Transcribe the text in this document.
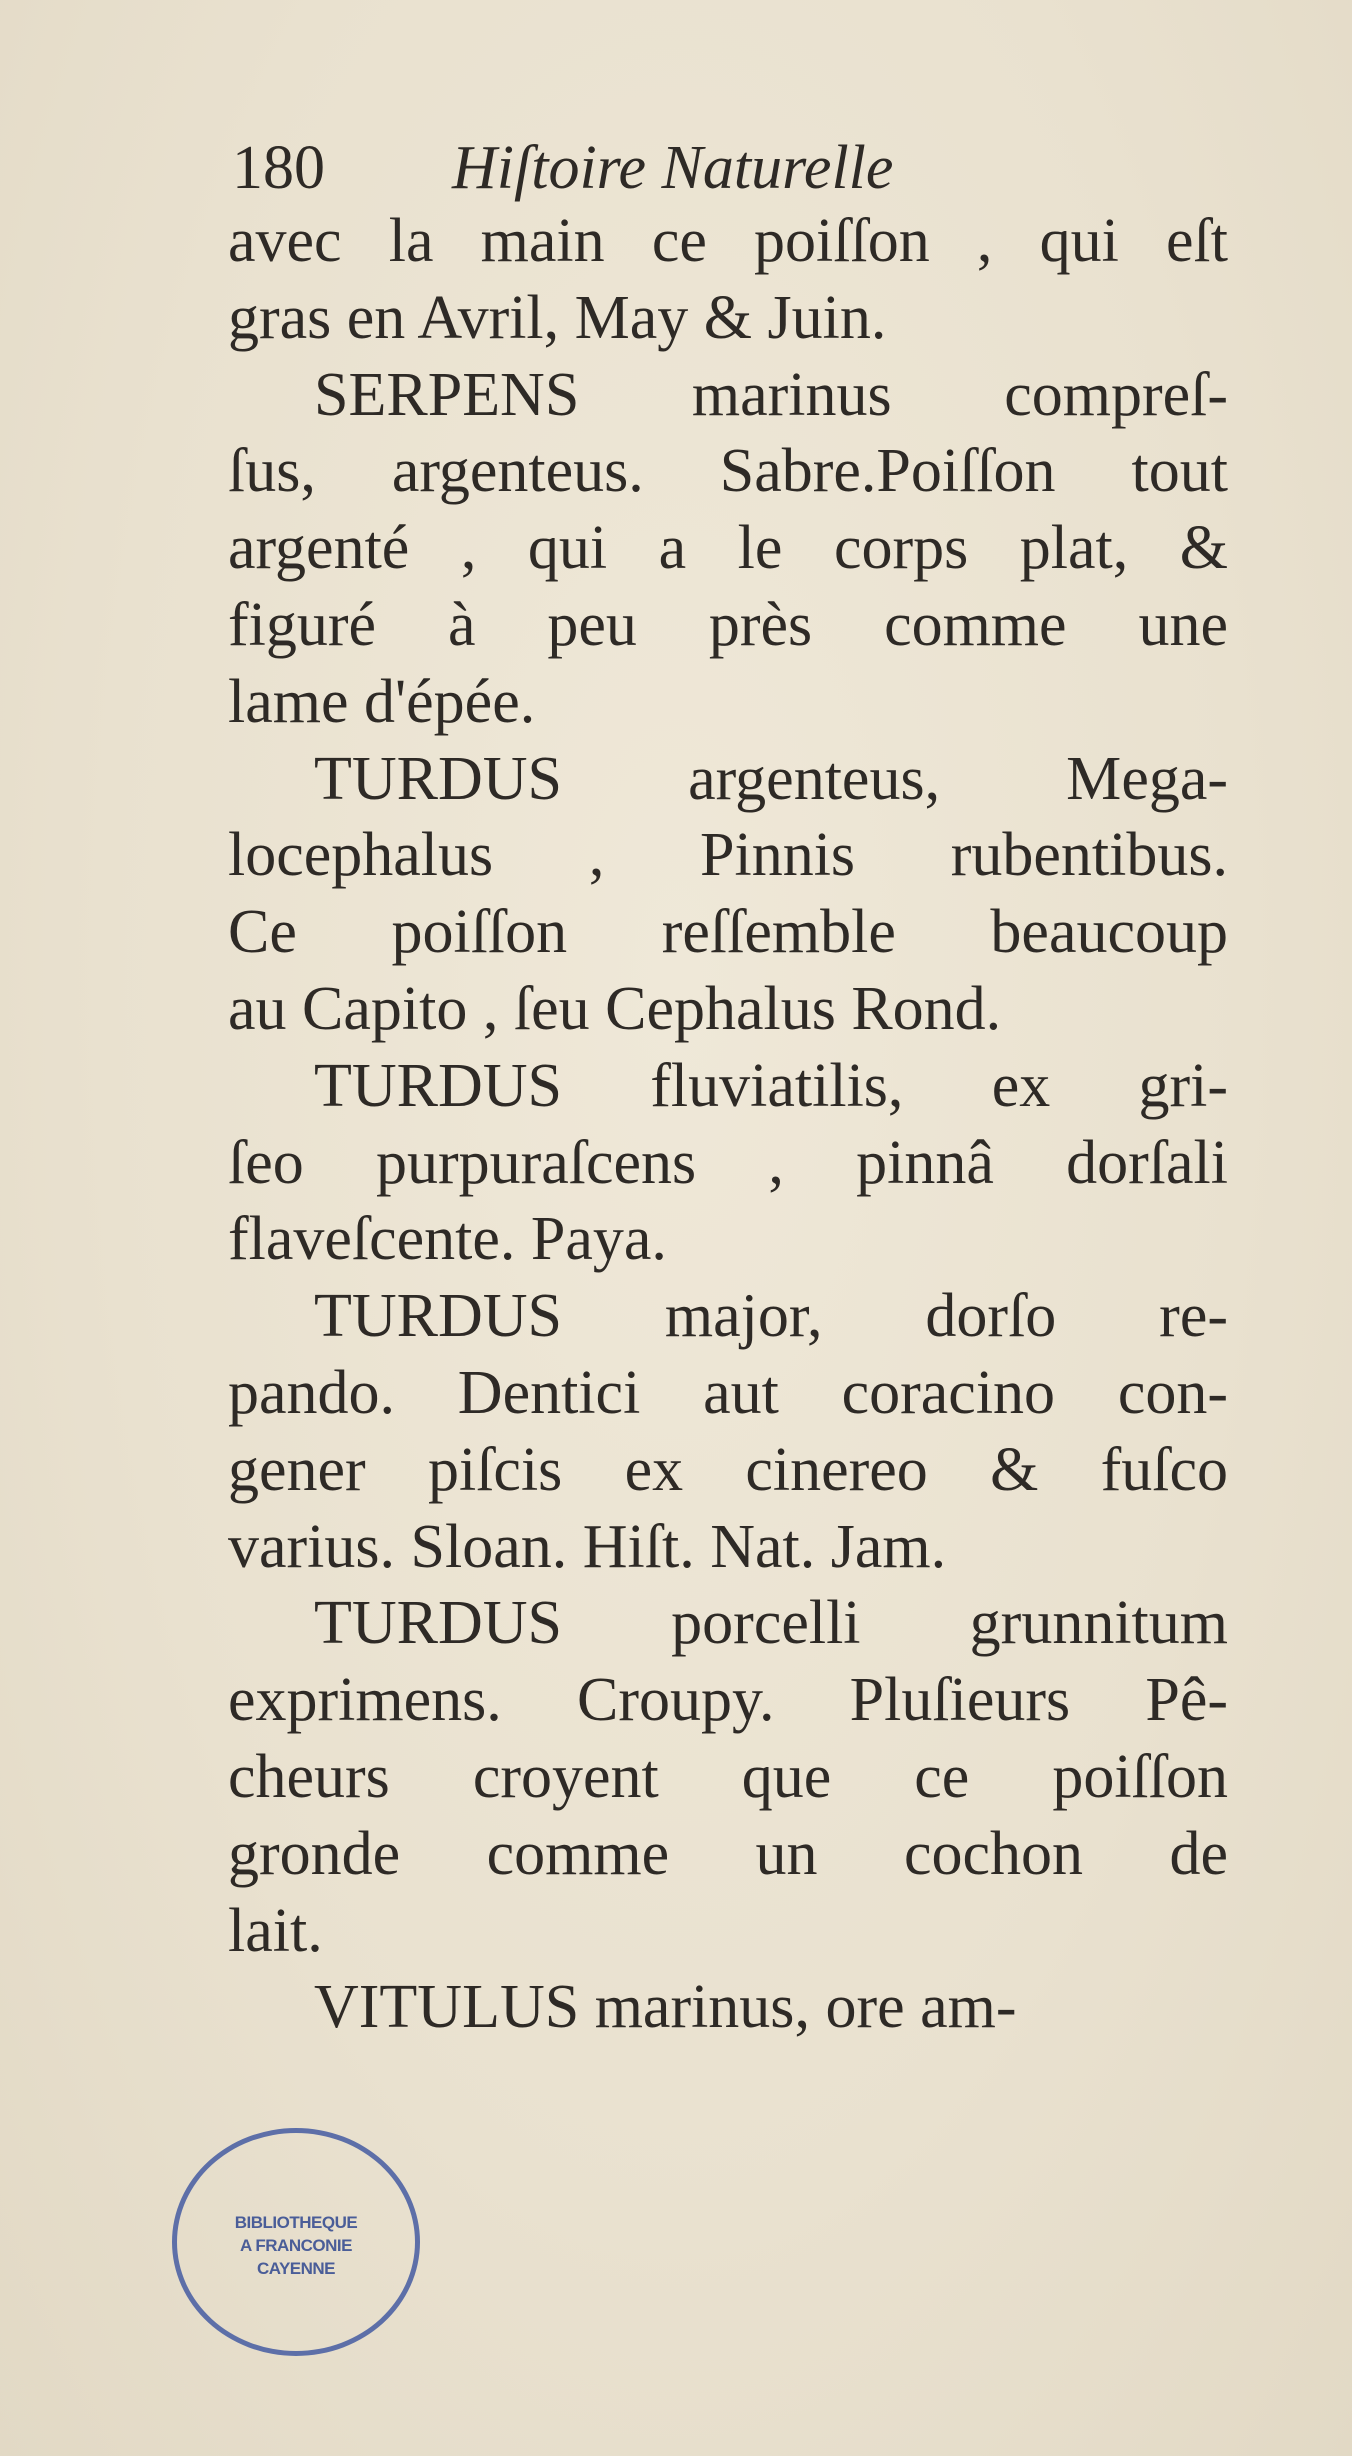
180 Hiſtoire Naturelle
avec la main ce poiſſon , qui eſt
gras en Avril, May & Juin.
SERPENS marinus compreſ-
ſus, argenteus. Sabre.Poiſſon tout
argenté , qui a le corps plat, &
figuré à peu près comme une
lame d'épée.
TURDUS argenteus, Mega-
locephalus , Pinnis rubentibus.
Ce poiſſon reſſemble beaucoup
au Capito , ſeu Cephalus Rond.
TURDUS fluviatilis, ex gri-
ſeo purpuraſcens , pinnâ dorſali
flaveſcente. Paya.
TURDUS major, dorſo re-
pando. Dentici aut coracino con-
gener piſcis ex cinereo & fuſco
varius. Sloan. Hiſt. Nat. Jam.
TURDUS porcelli grunnitum
exprimens. Croupy. Pluſieurs Pê-
cheurs croyent que ce poiſſon
gronde comme un cochon de
lait.
VITULUS marinus, ore am-
BIBLIOTHEQUE
A FRANCONIE
CAYENNE
